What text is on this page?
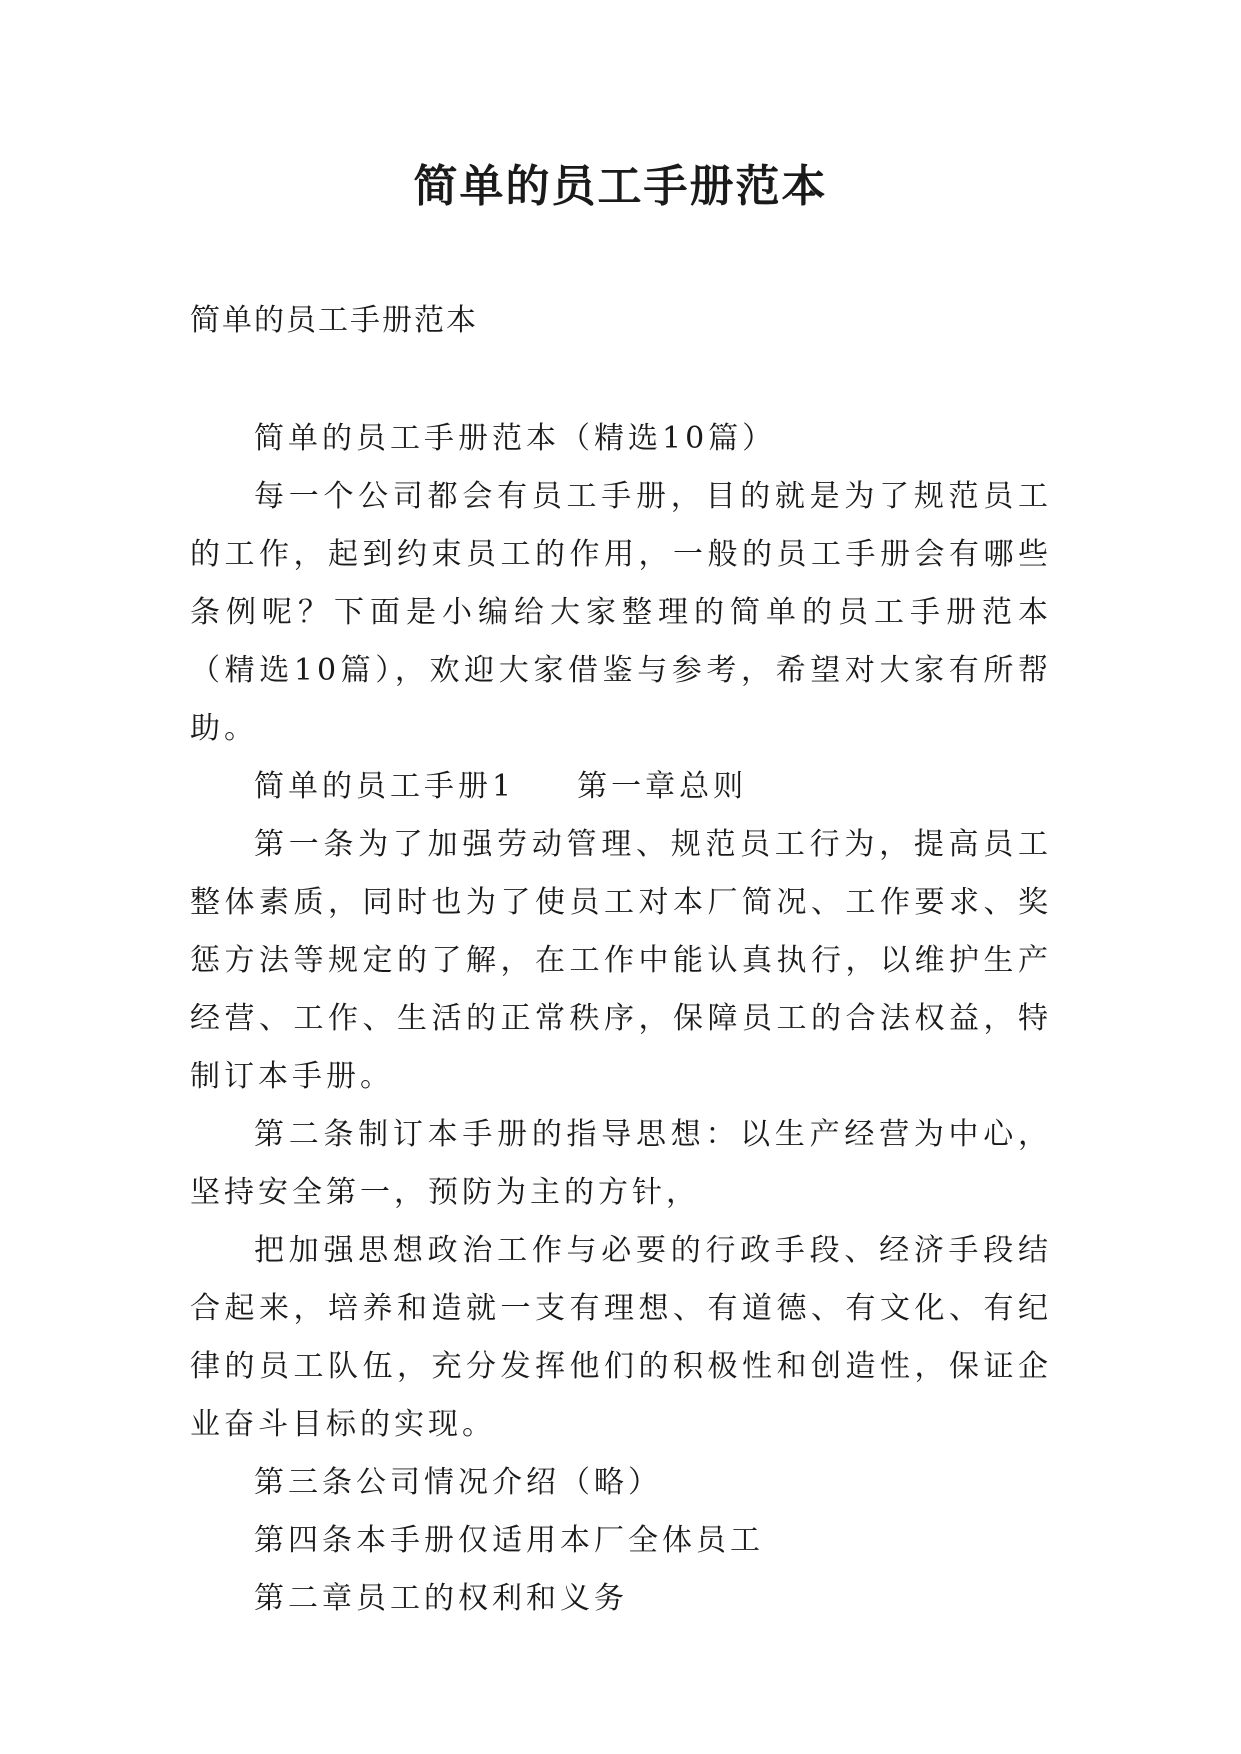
简单的员工手册范本
简单的员工手册范本

简单的员工手册范本（精选10篇）

每一个公司都会有员工手册，目的就是为了规范员工的工作，起到约束员工的作用，一般的员工手册会有哪些条例呢？下面是小编给大家整理的简单的员工手册范本（精选10篇），欢迎大家借鉴与参考，希望对大家有所帮助。

简单的员工手册1 第一章总则

第一条为了加强劳动管理、规范员工行为，提高员工整体素质，同时也为了使员工对本厂简况、工作要求、奖惩方法等规定的了解，在工作中能认真执行，以维护生产经营、工作、生活的正常秩序，保障员工的合法权益，特制订本手册。

第二条制订本手册的指导思想：以生产经营为中心，坚持安全第一，预防为主的方针，

把加强思想政治工作与必要的行政手段、经济手段结合起来，培养和造就一支有理想、有道德、有文化、有纪律的员工队伍，充分发挥他们的积极性和创造性，保证企业奋斗目标的实现。

第三条公司情况介绍（略）

第四条本手册仅适用本厂全体员工

第二章员工的权利和义务
